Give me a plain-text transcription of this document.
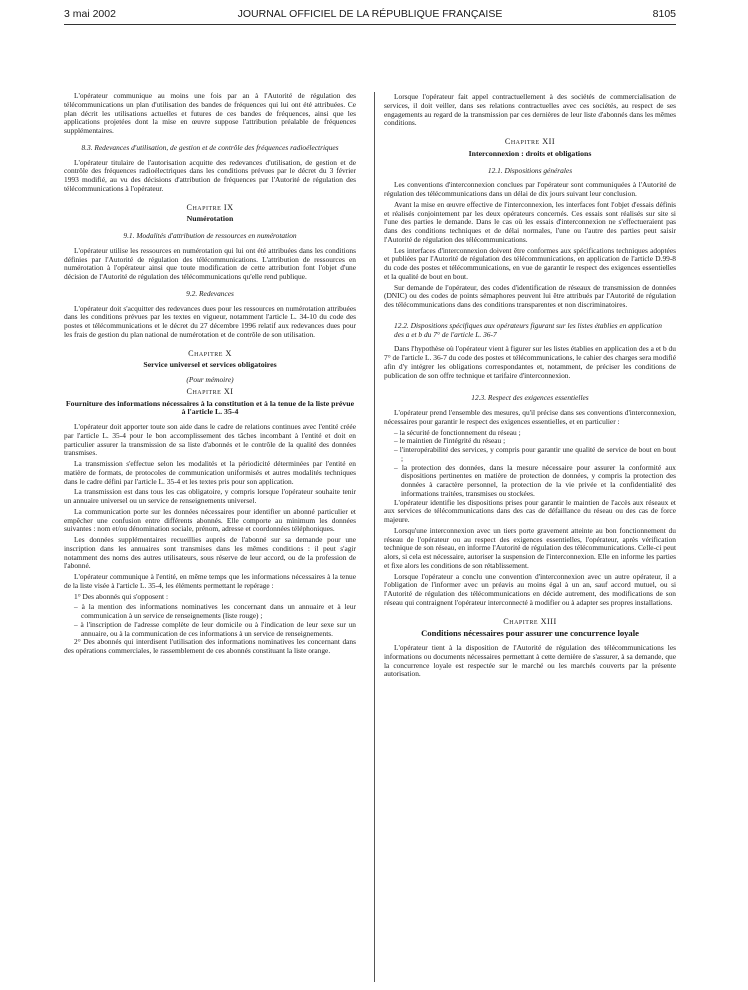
3 mai 2002	JOURNAL OFFICIEL DE LA RÉPUBLIQUE FRANÇAISE	8105

L'opérateur communique au moins une fois par an à l'Autorité de régulation des télécommunications un plan d'utilisation des bandes de fréquences qui lui ont été attribuées. Ce plan décrit les utilisations actuelles et futures de ces bandes de fréquences, ainsi que les applications projetées dont la mise en œuvre suppose l'attribution préalable de fréquences supplémentaires.

8.3. Redevances d'utilisation, de gestion et de contrôle des fréquences radioélectriques

L'opérateur titulaire de l'autorisation acquitte des redevances d'utilisation, de gestion et de contrôle des fréquences radioélectriques dans les conditions prévues par le décret du 3 février 1993 modifié, au vu des décisions d'attribution de fréquences par l'Autorité de régulation des télécommunications à l'opérateur.

Chapitre IX
Numérotation
9.1. Modalités d'attribution de ressources en numérotation

L'opérateur utilise les ressources en numérotation qui lui ont été attribuées dans les conditions définies par l'Autorité de régulation des télécommunications. L'attribution de ressources en numérotation à l'opérateur ainsi que toute modification de cette attribution font l'objet d'une décision de l'Autorité de régulation des télécommunications qu'elle rend publique.

9.2. Redevances

L'opérateur doit s'acquitter des redevances dues pour les ressources en numérotation attribuées dans les conditions prévues par les textes en vigueur, notamment l'article L. 34-10 du code des postes et télécommunications et le décret du 27 décembre 1996 relatif aux redevances dues pour les frais de gestion du plan national de numérotation et de contrôle de son utilisation.

Chapitre X
Service universel et services obligatoires
(Pour mémoire)
Chapitre XI
Fourniture des informations nécessaires à la constitution et à la tenue de la liste prévue à l'article L. 35-4

L'opérateur doit apporter toute son aide dans le cadre de relations continues avec l'entité créée par l'article L. 35-4 pour le bon accomplissement des tâches incombant à l'entité et doit en particulier assurer la transmission de sa liste d'abonnés et le contrôle de la qualité des données transmises.

La transmission s'effectue selon les modalités et la périodicité déterminées par l'entité en matière de formats, de protocoles de communication uniformisés et autres modalités techniques dans le cadre défini par l'article L. 35-4 et les textes pris pour son application.

La transmission est dans tous les cas obligatoire, y compris lorsque l'opérateur souhaite tenir un annuaire universel ou un service de renseignements universel.

La communication porte sur les données nécessaires pour identifier un abonné particulier et empêcher une confusion entre différents abonnés. Elle comporte au minimum les données suivantes : nom et/ou dénomination sociale, prénom, adresse et coordonnées téléphoniques.

Les données supplémentaires recueillies auprès de l'abonné sur sa demande pour une inscription dans les annuaires sont transmises dans les mêmes conditions : il peut s'agir notamment des noms des autres utilisateurs, sous réserve de leur accord, ou de la profession de l'abonné.

L'opérateur communique à l'entité, en même temps que les informations nécessaires à la tenue de la liste visée à l'article L. 35-4, les éléments permettant le repérage :

1° Des abonnés qui s'opposent :

– à la mention des informations nominatives les concernant dans un annuaire et à leur communication à un service de renseignements (liste rouge) ;

– à l'inscription de l'adresse complète de leur domicile ou à l'indication de leur sexe sur un annuaire, ou à la communication de ces informations à un service de renseignements.

2° Des abonnés qui interdisent l'utilisation des informations nominatives les concernant dans des opérations commerciales, le rassemblement de ces abonnés constituant la liste orange.

Lorsque l'opérateur fait appel contractuellement à des sociétés de commercialisation de services, il doit veiller, dans ses relations contractuelles avec ces sociétés, au respect de ses engagements au regard de la transmission par ces dernières de leur liste d'abonnés dans les mêmes conditions.

Chapitre XII
Interconnexion : droits et obligations
12.1. Dispositions générales

Les conventions d'interconnexion conclues par l'opérateur sont communiquées à l'Autorité de régulation des télécommunications dans un délai de dix jours suivant leur conclusion.

Avant la mise en œuvre effective de l'interconnexion, les interfaces font l'objet d'essais définis et réalisés conjointement par les deux opérateurs concernés. Ces essais sont réalisés sur site si l'une des parties le demande. Dans le cas où les essais d'interconnexion ne s'effectueraient pas dans des conditions techniques et de délai normales, l'une ou l'autre des parties peut saisir l'Autorité de régulation des télécommunications.

Les interfaces d'interconnexion doivent être conformes aux spécifications techniques adoptées et publiées par l'Autorité de régulation des télécommunications, en application de l'article D.99-8 du code des postes et télécommunications, en vue de garantir le respect des exigences essentielles et la qualité de bout en bout.

Sur demande de l'opérateur, des codes d'identification de réseaux de transmission de données (DNIC) ou des codes de points sémaphores peuvent lui être attribués par l'Autorité de régulation des télécommunications dans des conditions transparentes et non discriminatoires.

12.2. Dispositions spécifiques aux opérateurs figurant sur les listes établies en application des a et b du 7° de l'article L. 36-7

Dans l'hypothèse où l'opérateur vient à figurer sur les listes établies en application des a et b du 7° de l'article L. 36-7 du code des postes et télécommunications, le cahier des charges sera modifié afin d'y intégrer les obligations correspondantes et, notamment, de préciser les conditions de publication de son offre technique et tarifaire d'interconnexion.

12.3. Respect des exigences essentielles

L'opérateur prend l'ensemble des mesures, qu'il précise dans ses conventions d'interconnexion, nécessaires pour garantir le respect des exigences essentielles, et en particulier :

– la sécurité de fonctionnement du réseau ;

– le maintien de l'intégrité du réseau ;

– l'interopérabilité des services, y compris pour garantir une qualité de service de bout en bout ;

– la protection des données, dans la mesure nécessaire pour assurer la conformité aux dispositions pertinentes en matière de protection de données, y compris la protection des données à caractère personnel, la protection de la vie privée et la confidentialité des informations traitées, transmises ou stockées.

L'opérateur identifie les dispositions prises pour garantir le maintien de l'accès aux réseaux et aux services de télécommunications dans des cas de défaillance du réseau ou des cas de force majeure.

Lorsqu'une interconnexion avec un tiers porte gravement atteinte au bon fonctionnement du réseau de l'opérateur ou au respect des exigences essentielles, l'opérateur, après vérification technique de son réseau, en informe l'Autorité de régulation des télécommunications. Celle-ci peut alors, si cela est nécessaire, autoriser la suspension de l'interconnexion. Elle en informe les parties et fixe alors les conditions de son rétablissement.

Lorsque l'opérateur a conclu une convention d'interconnexion avec un autre opérateur, il a l'obligation de l'informer avec un préavis au moins égal à un an, sauf accord mutuel, ou si l'Autorité de régulation des télécommunications en décide autrement, des modifications de son réseau qui contraignent l'opérateur interconnecté à modifier ou à adapter ses propres installations.

Chapitre XIII
Conditions nécessaires pour assurer une concurrence loyale

L'opérateur tient à la disposition de l'Autorité de régulation des télécommunications les informations ou documents nécessaires permettant à cette dernière de s'assurer, à sa demande, que la concurrence loyale est respectée sur le marché ou les marchés couverts par la présente autorisation.
